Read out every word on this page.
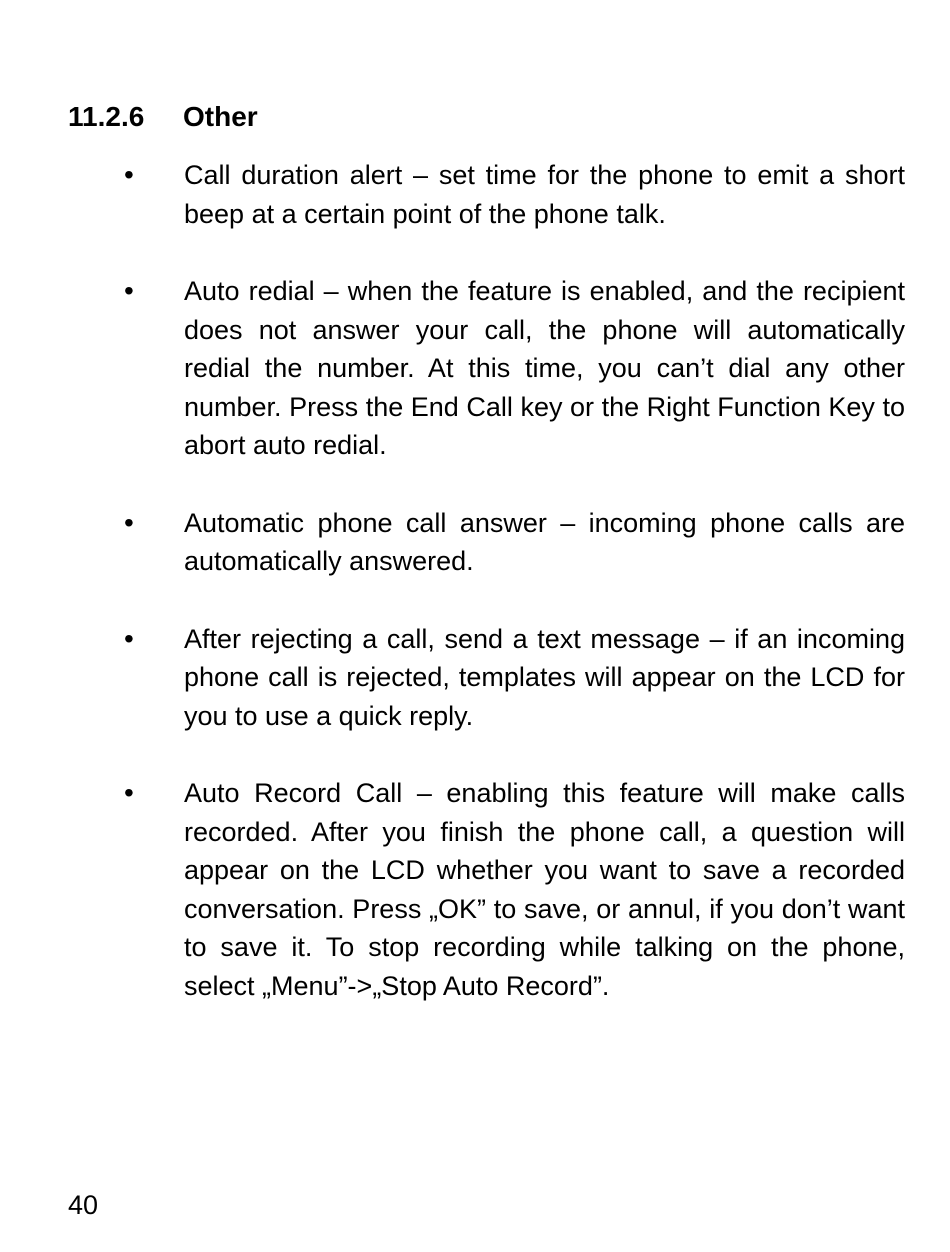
11.2.6 Other
• Call duration alert – set time for the phone to emit a short beep at a certain point of the phone talk.
• Auto redial – when the feature is enabled, and the recipient does not answer your call, the phone will automatically redial the number. At this time, you can’t dial any other number. Press the End Call key or the Right Function Key to abort auto redial.
• Automatic phone call answer – incoming phone calls are automatically answered.
• After rejecting a call, send a text message – if an incoming phone call is rejected, templates will appear on the LCD for you to use a quick reply.
• Auto Record Call – enabling this feature will make calls recorded. After you finish the phone call, a question will appear on the LCD whether you want to save a recorded conversation. Press „OK” to save, or annul, if you don’t want to save it. To stop recording while talking on the phone, select „Menu”->„Stop Auto Record”.
40
